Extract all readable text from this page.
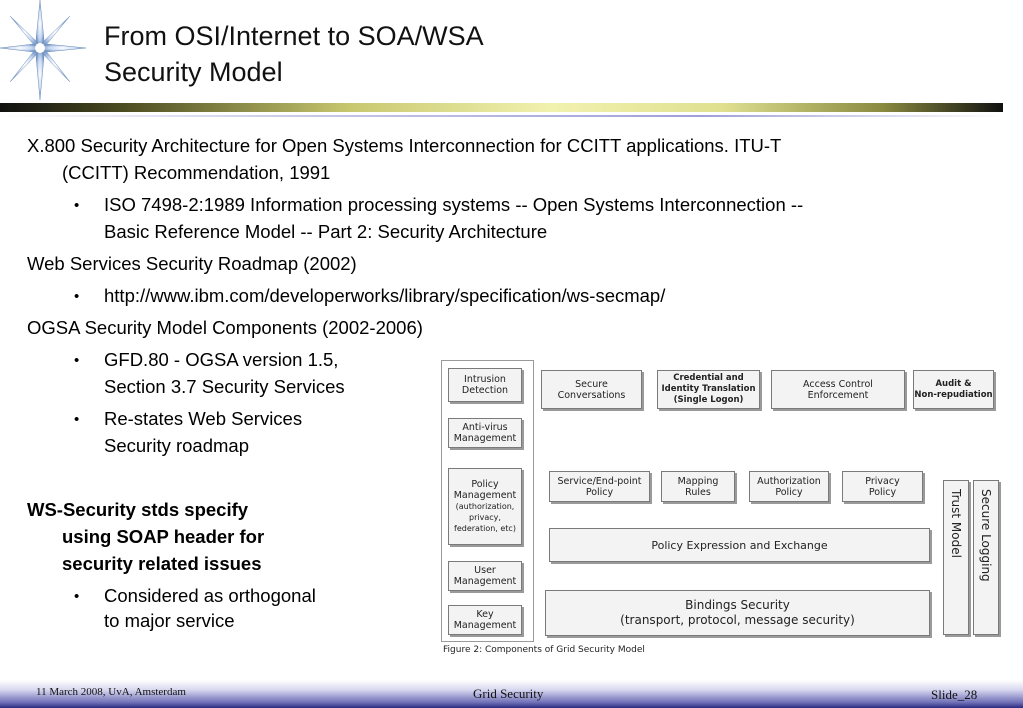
From OSI/Internet to SOA/WSA
Security Model
X.800 Security Architecture for Open Systems Interconnection for CCITT applications. ITU-T
(CCITT) Recommendation, 1991
• ISO 7498-2:1989 Information processing systems -- Open Systems Interconnection --
Basic Reference Model -- Part 2: Security Architecture
Web Services Security Roadmap (2002)
• http://www.ibm.com/developerworks/library/specification/ws-secmap/
OGSA Security Model Components (2002-2006)
• GFD.80 - OGSA version 1.5,
Section 3.7 Security Services
• Re-states Web Services
Security roadmap
WS-Security stds specify
using SOAP header for
security related issues
• Considered as orthogonal
to major service
Intrusion
Detection
Anti-virus
Management
Policy
Management
(authorization,
privacy,
federation, etc)
User
Management
Key
Management
Secure
Conversations
Credential and
Identity Translation
(Single Logon)
Access Control
Enforcement
Audit &
Non-repudiation
Service/End-point
Policy
Mapping
Rules
Authorization
Policy
Privacy
Policy
Policy Expression and Exchange
Bindings Security
(transport, protocol, message security)
Trust Model Secure Logging
Figure 2: Components of Grid Security Model
11 March 2008, UvA, Amsterdam	Grid Security	Slide_28
